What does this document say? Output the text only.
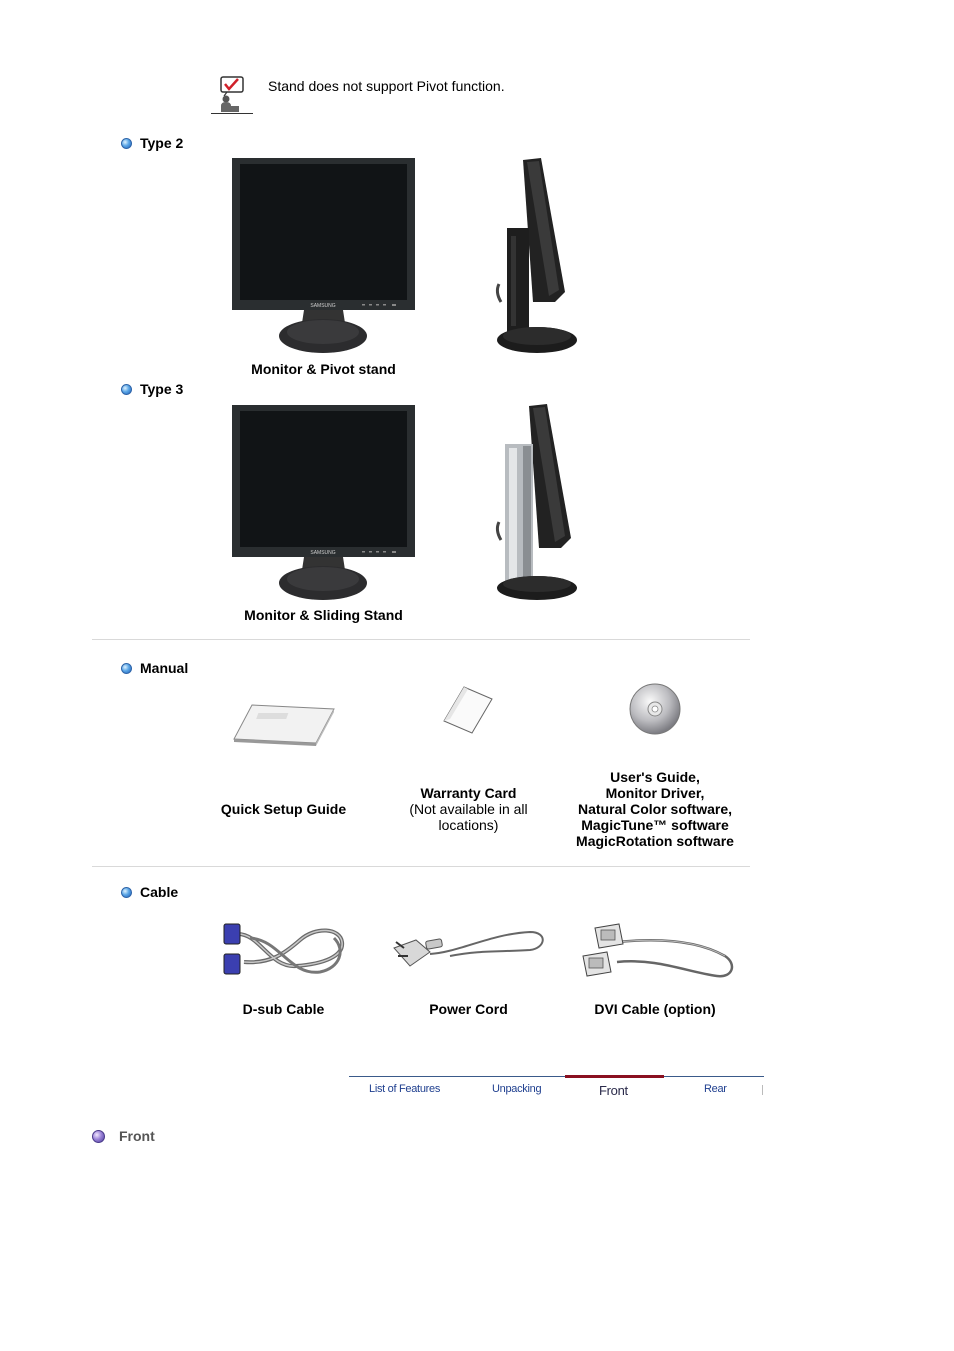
Stand does not support Pivot function.
Type 2
SAMSUNG
Monitor & Pivot stand
Type 3
SAMSUNG
Monitor & Sliding Stand
Manual
Quick Setup Guide
Warranty Card
(Not available in all locations)
User's Guide,
Monitor Driver,
Natural Color software,
MagicTune™ software
MagicRotation software
Cable
D-sub Cable	Power Cord	DVI Cable (option)
List of Features	Unpacking	Front	Rear
Front
